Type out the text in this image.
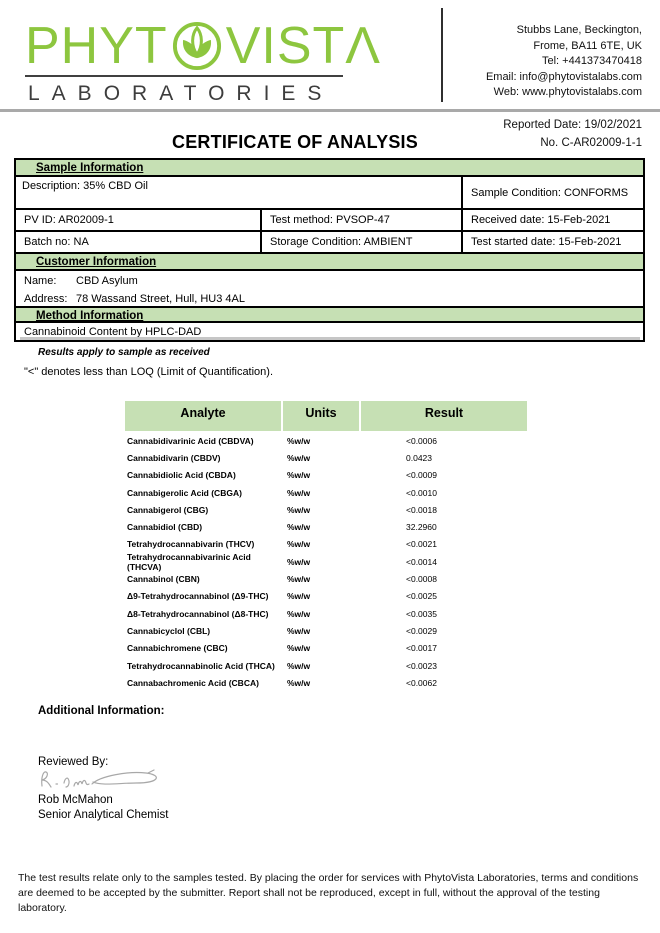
PHYT VISTΛ
LABORATORIES
Stubbs Lane, Beckington,
Frome, BA11 6TE, UK
Tel: +441373470418
Email: info@phytovistalabs.com
Web: www.phytovistalabs.com
Reported Date: 19/02/2021
No. C-AR02009-1-1
CERTIFICATE OF ANALYSIS
Sample Information
Description: 35% CBD Oil
Sample Condition: CONFORMS
PV ID: AR02009-1	Test method: PVSOP-47	Received date: 15-Feb-2021
Batch no: NA	Storage Condition: AMBIENT	Test started date: 15-Feb-2021
Customer Information
Name:	CBD Asylum
Address: 78 Wassand Street, Hull, HU3 4AL
Method Information
Cannabinoid Content by HPLC-DAD
Results apply to sample as received
"<" denotes less than LOQ (Limit of Quantification).
Analyte	Units	Result
Cannabidivarinic Acid (CBDVA)	%w/w	<0.0006
Cannabidivarin (CBDV)	%w/w	0.0423
Cannabidiolic Acid (CBDA)	%w/w	<0.0009
Cannabigerolic Acid (CBGA)	%w/w	<0.0010
Cannabigerol (CBG)	%w/w	<0.0018
Cannabidiol (CBD)	%w/w	32.2960
Tetrahydrocannabivarin (THCV)	%w/w	<0.0021
Tetrahydrocannabivarinic Acid (THCVA)
%w/w	<0.0014
Cannabinol (CBN)	%w/w	<0.0008
Δ9-Tetrahydrocannabinol (Δ9-THC)	%w/w	<0.0025
Δ8-Tetrahydrocannabinol (Δ8-THC)	%w/w	<0.0035
Cannabicyclol (CBL)	%w/w	<0.0029
Cannabichromene (CBC)	%w/w	<0.0017
Tetrahydrocannabinolic Acid (THCA)	%w/w	<0.0023
Cannabachromenic Acid (CBCA)	%w/w	<0.0062
Additional Information:
Reviewed By:
Rob McMahon
Senior Analytical Chemist
The test results relate only to the samples tested. By placing the order for services with PhytoVista Laboratories, terms and conditions are deemed to be accepted by the submitter. Report shall not be reproduced, except in full, without the approval of the testing laboratory.
